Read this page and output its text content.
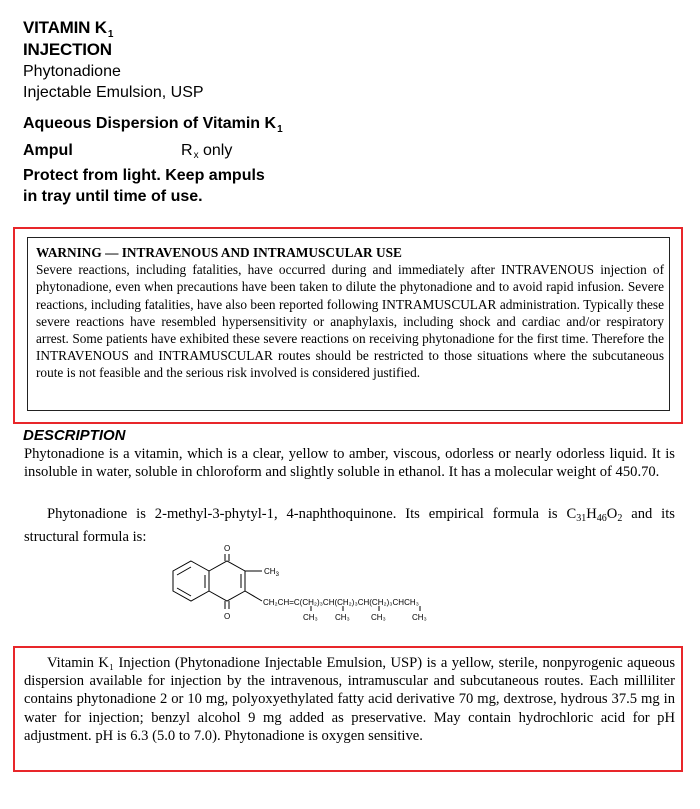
VITAMIN $K_1$
INJECTION
Phytonadione
Injectable Emulsion, USP
Aqueous Dispersion of Vitamin $K_1$
Ampul	Rx only
Protect from light. Keep ampuls
in tray until time of use.
WARNING — INTRAVENOUS AND INTRAMUSCULAR USE
Severe reactions, including fatalities, have occurred during and immediately after INTRAVENOUS injection of phytonadione, even when precautions have been taken to dilute the phytonadione and to avoid rapid infusion. Severe reactions, including fatalities, have also been reported following INTRAMUSCULAR administration. Typically these severe reactions have resembled hypersensitivity or anaphylaxis, including shock and cardiac and/or respiratory arrest. Some patients have exhibited these severe reactions on receiving phytonadione for the first time. Therefore the INTRAVENOUS and INTRAMUSCULAR routes should be restricted to those situations where the subcutaneous route is not feasible and the serious risk involved is considered justified.
DESCRIPTION
Phytonadione is a vitamin, which is a clear, yellow to amber, viscous, odorless or nearly odorless liquid. It is insoluble in water, soluble in chloroform and slightly soluble in ethanol. It has a molecular weight of 450.70.
Phytonadione is 2-methyl-3-phytyl-1, 4-naphthoquinone. Its empirical formula is $C_{31}H_{46}O_2$ and its structural formula is:
O
O
$CH_3$
CH₂CH=C(CH₂)₃CH(CH₂)₃CH(CH₂)₃CHCH₃
CH₃ CH₃	CH₃	CH₃
Vitamin K₁ Injection (Phytonadione Injectable Emulsion, USP) is a yellow, sterile, nonpyrogenic aqueous dispersion available for injection by the intravenous, intramuscular and subcutaneous routes. Each milliliter contains phytonadione 2 or 10 mg, polyoxyethylated fatty acid derivative 70 mg, dextrose, hydrous 37.5 mg in water for injection; benzyl alcohol 9 mg added as preservative. May contain hydrochloric acid for pH adjustment. pH is 6.3 (5.0 to 7.0). Phytonadione is oxygen sensitive.
